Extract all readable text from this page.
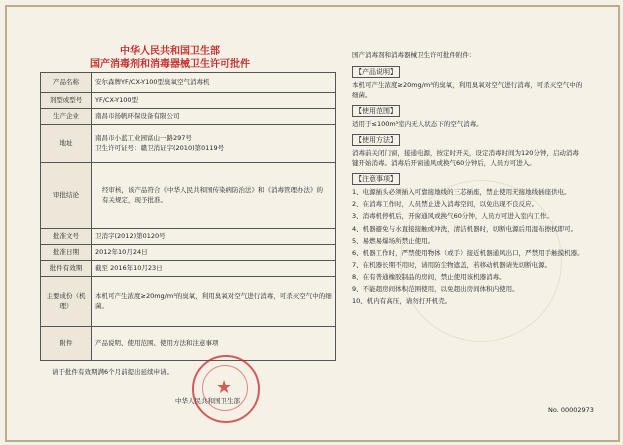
中华人民共和国卫生部
国产消毒剂和消毒器械卫生许可批件
产品名称	安尔森牌YF/CX-Y100型臭氧空气消毒机
剂型或型号	YF/CX-Y100型
生产企业	南昌市扬帆环保设备有限公司
地址	南昌市小蓝工业园富山一路297号
卫生许可证号：赣卫消证字(2010)第0119号

审批结论	经审核，该产品符合《中华人民共和国传染病防治法》和《消毒管理办法》的有关规定，现予批准。
批准文号	卫消字(2012)第0120号
批准日期	2012年10月24日
批件有效期	截至 2016年10月23日
主要成份（机理）	本机可产生浓度≥20mg/m³的臭氧，利用臭氧对空气进行消毒，可杀灭空气中的细菌。
附件	产品说明、使用范围、使用方法和注意事项
请于批件有效期满6个月前提出延续申请。
中华人民共和国卫生部
★
国产消毒剂和消毒器械卫生许可批件附件：
【产品说明】

本机可产生浓度≥20mg/m³的臭氧，利用臭氧对空气进行消毒，可杀灭空气中的细菌。

【使用范围】

适用于≤100m³室内无人状态下的空气消毒。

【使用方法】

消毒前关闭门窗，接通电源，按定时开关，设定消毒时间为120分钟，启动消毒键开始消毒。消毒后开窗通风或换气60分钟后，人员方可进入。

【注意事项】

1、电源插头必须插入可靠接地线的三芯插座，禁止使用无接地线插座供电。

2、在消毒工作时，人员禁止进入消毒空间，以免出现不良反应。

3、消毒机停机后，开窗通风或换气60分钟，人员方可进入室内工作。

4、机器避免与水直接接触或冲洗，清洁机器时，切断电源后用湿布擦拭即可。

5、易燃易爆场所禁止使用。

6、机器工作时，严禁使用物体（或手）接近机器通风出口，严禁用手触摸机器。

7、在机器长期不用时，请用防尘物遮盖，若移动机器请先切断电源。

8、在有普通橡胶制品的房间，禁止使用该机器消毒。

9、不能超房间体积范围使用，以免超出房间体积内使用。

10、机内有高压，请勿打开机壳。

No. 00002973
